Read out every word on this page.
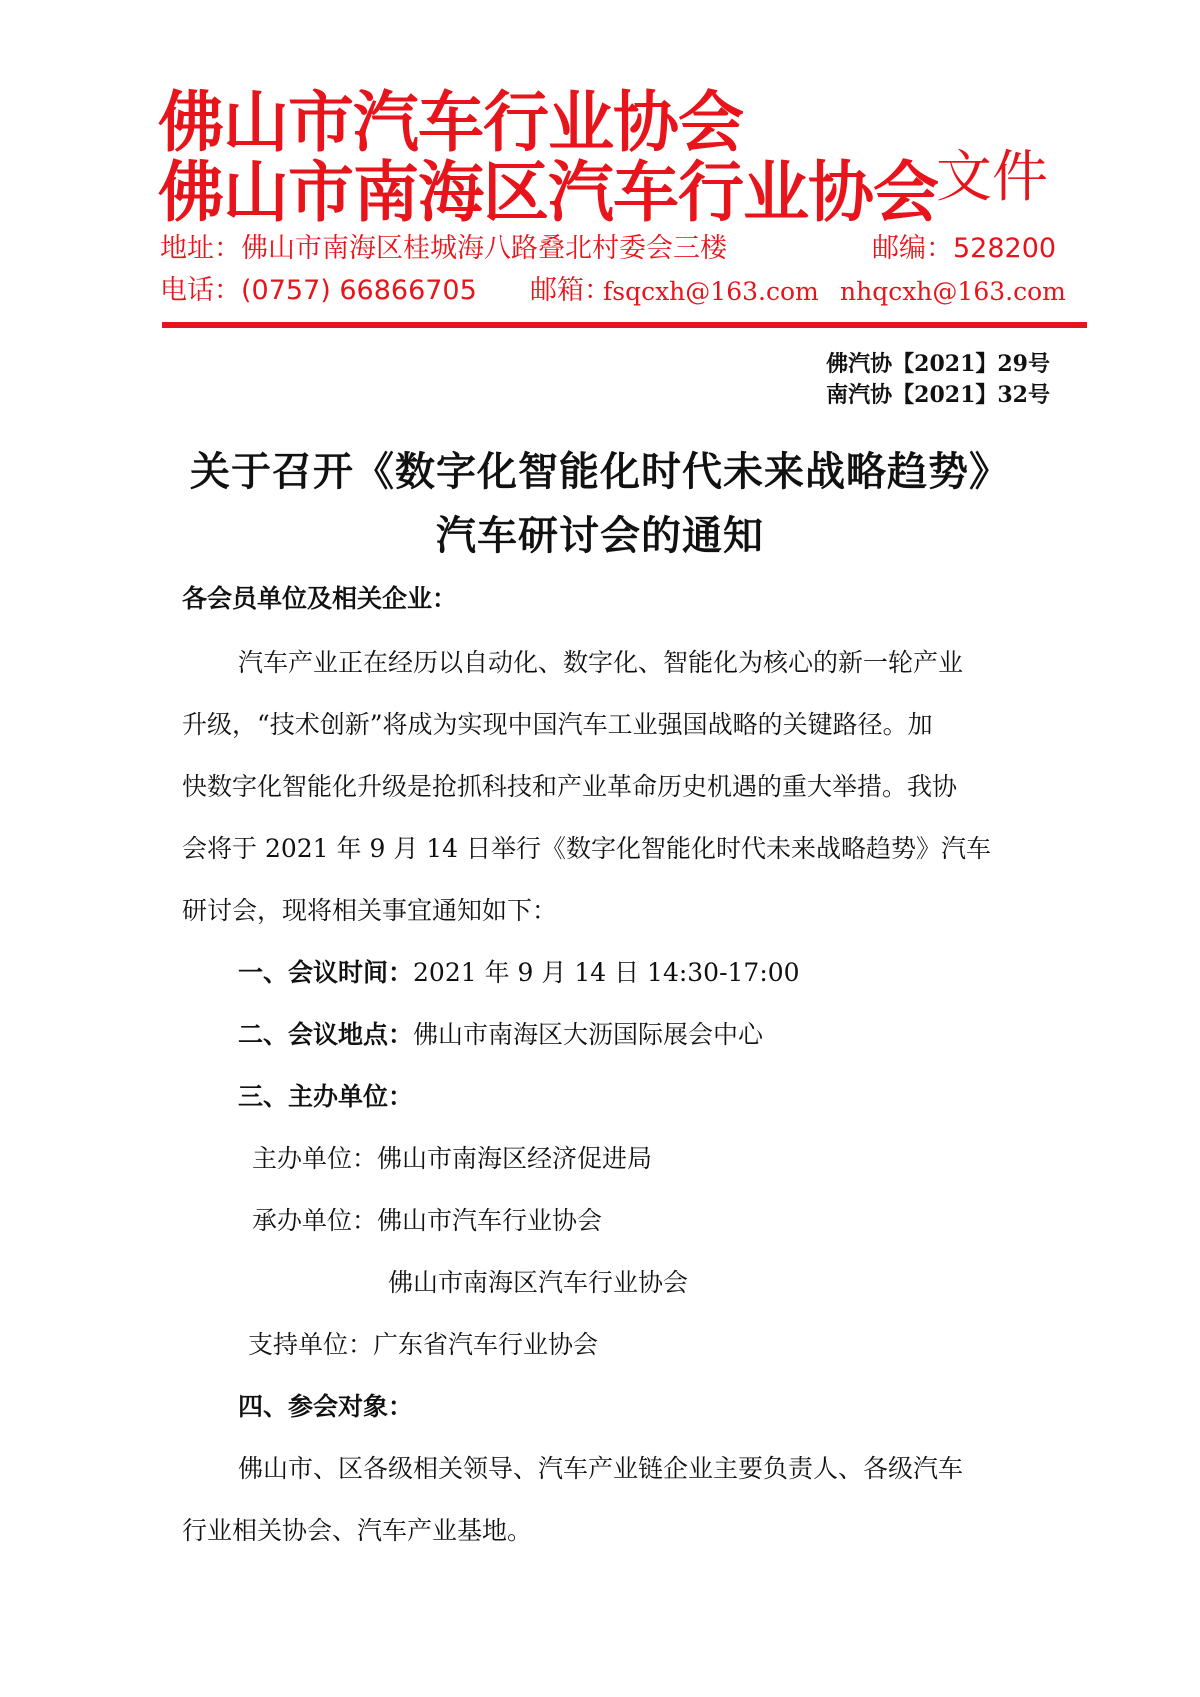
佛山市汽车行业协会
佛山市南海区汽车行业协会
文件
地址：佛山市南海区桂城海八路叠北村委会三楼	邮编：528200
电话：(0757) 66866705 邮箱：
fsqcxh@163.com nhqcxh@163.com
佛汽协【2021】29号
南汽协【2021】32号
关于召开《数字化智能化时代未来战略趋势》
汽车研讨会的通知
各会员单位及相关企业：
汽车产业正在经历以自动化、数字化、智能化为核心的新一轮产业
升级，“技术创新”将成为实现中国汽车工业强国战略的关键路径。加
快数字化智能化升级是抢抓科技和产业革命历史机遇的重大举措。我协
会将于 2021 年 9 月 14 日举行《数字化智能化时代未来战略趋势》汽车
研讨会，现将相关事宜通知如下：
一、会议时间：2021 年 9 月 14 日 14:30-17:00
二、会议地点：佛山市南海区大沥国际展会中心
三、主办单位：
主办单位：佛山市南海区经济促进局
承办单位：佛山市汽车行业协会
佛山市南海区汽车行业协会
支持单位：广东省汽车行业协会
四、参会对象：
佛山市、区各级相关领导、汽车产业链企业主要负责人、各级汽车
行业相关协会、汽车产业基地。
